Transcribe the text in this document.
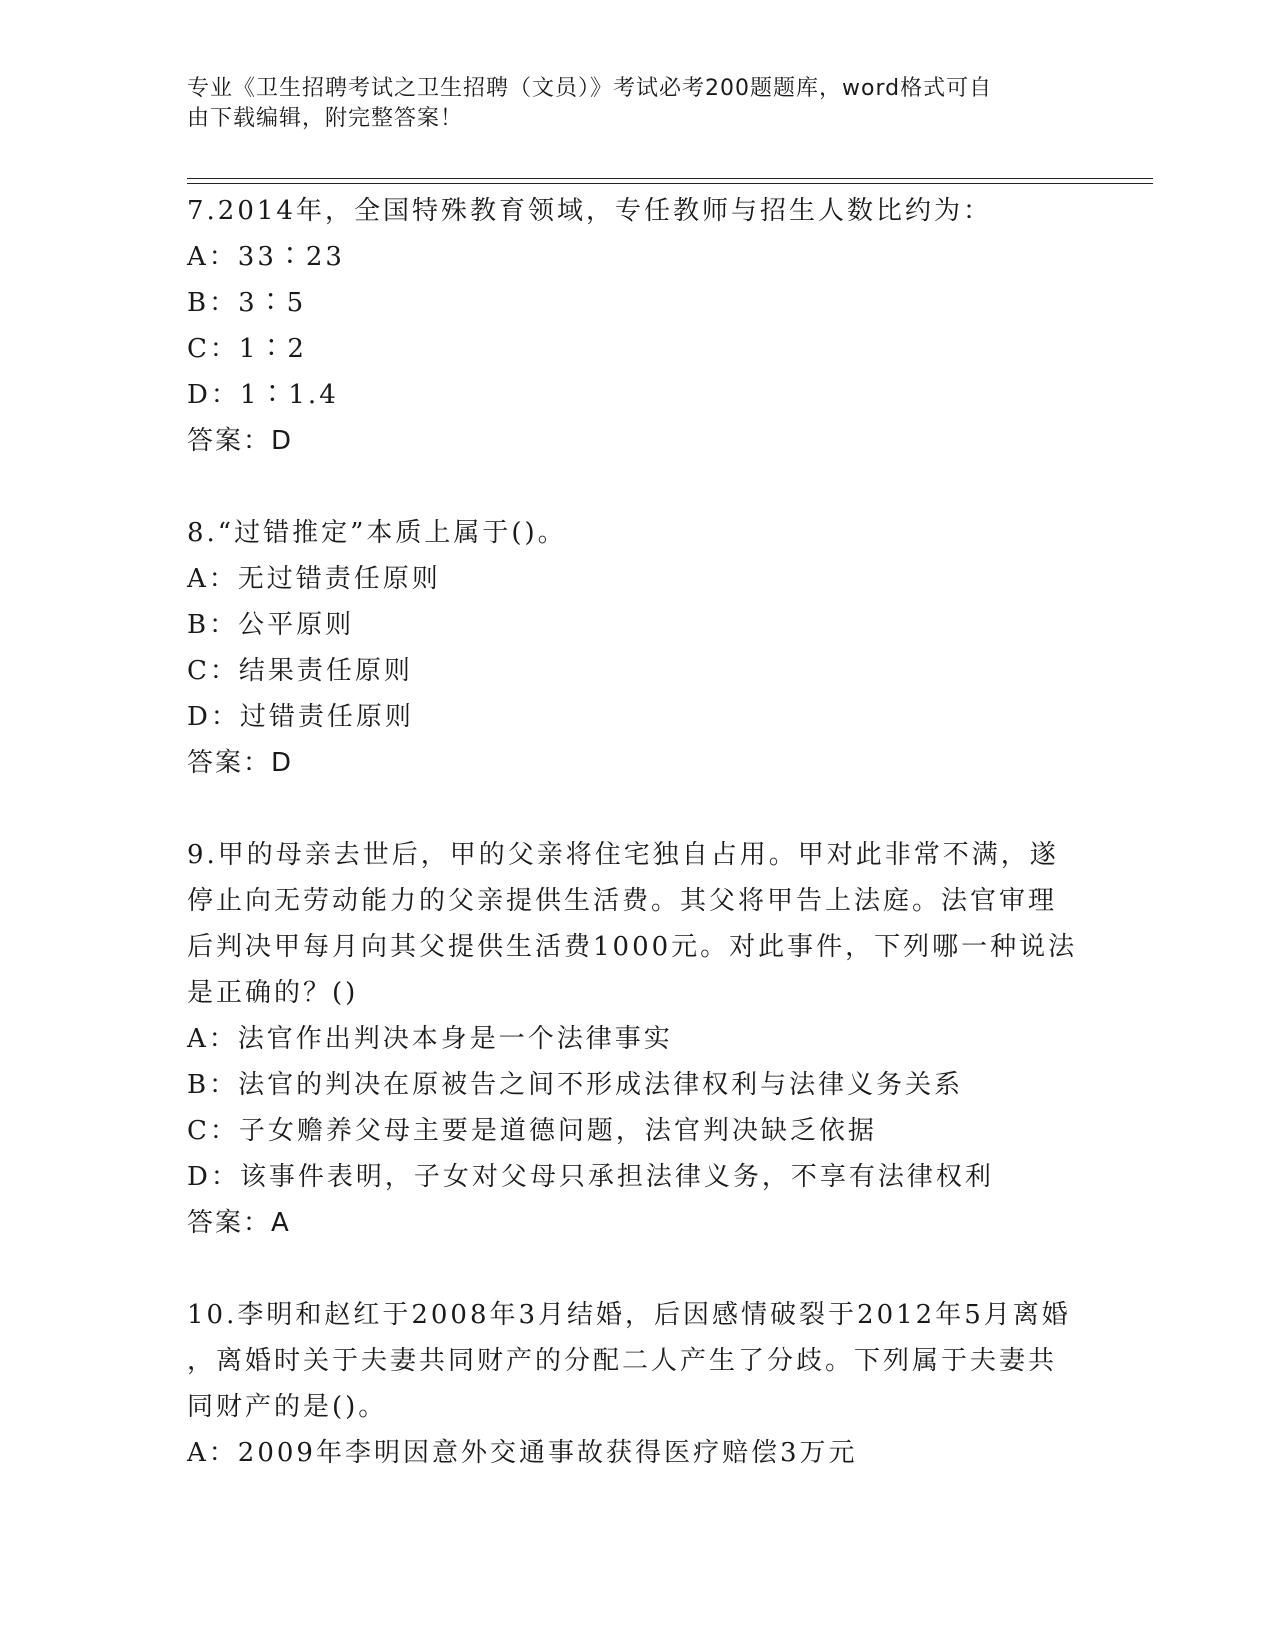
专业《卫生招聘考试之卫生招聘（文员）》考试必考200题题库，word格式可自
由下载编辑，附完整答案！
7.2014年，全国特殊教育领域，专任教师与招生人数比约为：
A：33∶23
B：3∶5
C：1∶2
D：1∶1.4
答案：D
8.“过错推定”本质上属于()。
A：无过错责任原则
B：公平原则
C：结果责任原则
D：过错责任原则
答案：D
9.甲的母亲去世后，甲的父亲将住宅独自占用。甲对此非常不满，遂
停止向无劳动能力的父亲提供生活费。其父将甲告上法庭。法官审理
后判决甲每月向其父提供生活费1000元。对此事件，下列哪一种说法
是正确的？()
A：法官作出判决本身是一个法律事实
B：法官的判决在原被告之间不形成法律权利与法律义务关系
C：子女赡养父母主要是道德问题，法官判决缺乏依据
D：该事件表明，子女对父母只承担法律义务，不享有法律权利
答案：A
10.李明和赵红于2008年3月结婚，后因感情破裂于2012年5月离婚
，离婚时关于夫妻共同财产的分配二人产生了分歧。下列属于夫妻共
同财产的是()。
A：2009年李明因意外交通事故获得医疗赔偿3万元
